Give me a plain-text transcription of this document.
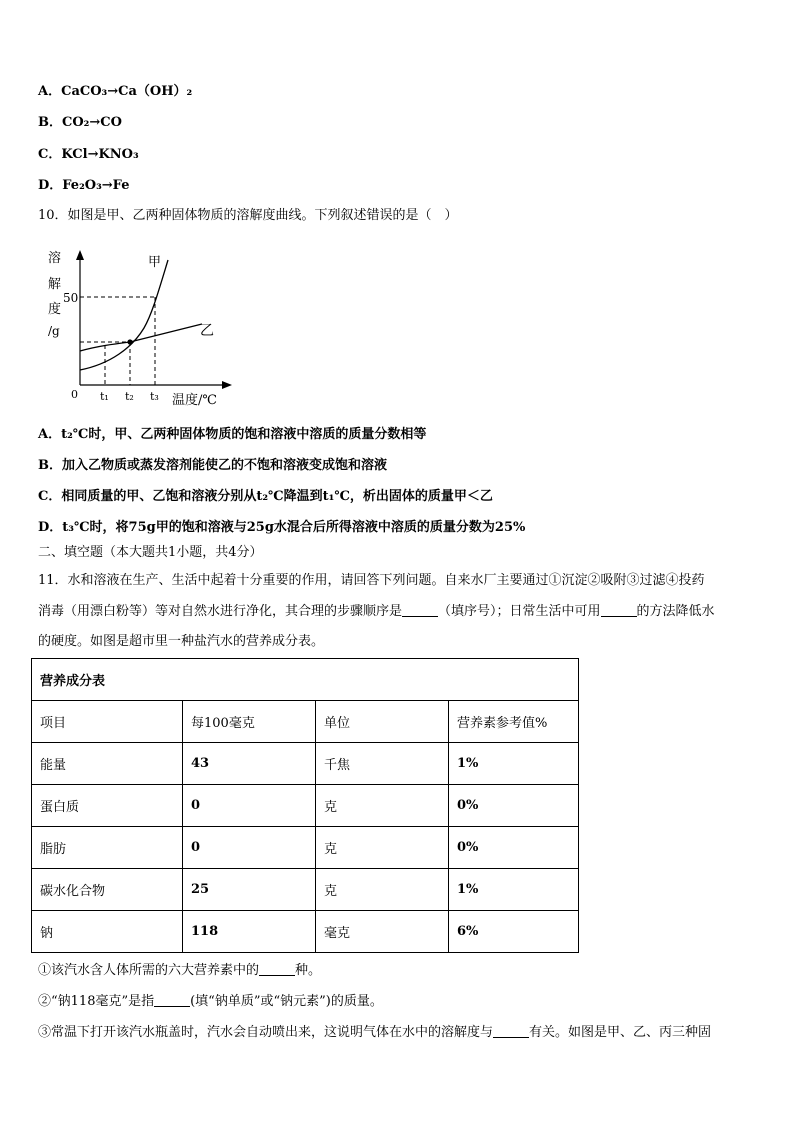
A．CaCO₃→Ca（OH）₂
B．CO₂→CO
C．KCl→KNO₃
D．Fe₂O₃→Fe
10．如图是甲、乙两种固体物质的溶解度曲线。下列叙述错误的是（　）
溶
解
度
/g
50
0 t₁ t₂ t₃ 温度/℃
甲
乙
A．t₂℃时，甲、乙两种固体物质的饱和溶液中溶质的质量分数相等
B．加入乙物质或蒸发溶剂能使乙的不饱和溶液变成饱和溶液
C．相同质量的甲、乙饱和溶液分别从t₂℃降温到t₁℃，析出固体的质量甲＜乙
D．t₃℃时，将75g甲的饱和溶液与25g水混合后所得溶液中溶质的质量分数为25%
二、填空题（本大题共1小题，共4分）
11．水和溶液在生产、生活中起着十分重要的作用，请回答下列问题。自来水厂主要通过①沉淀②吸附③过滤④投药
消毒（用漂白粉等）等对自然水进行净化，其合理的步骤顺序是	（填序号）；日常生活中可用	的方法降低水
的硬度。如图是超市里一种盐汽水的营养成分表。
营养成分表			
项目	每100毫克	单位	营养素参考值%
能量	43	千焦	1%
蛋白质	0	克	0%
脂肪	0	克	0%
碳水化合物	25	克	1%
钠	118	毫克	6%
①该汽水含人体所需的六大营养素中的	种。
②“钠118毫克”是指	(填“钠单质”或“钠元素”)的质量。
③常温下打开该汽水瓶盖时，汽水会自动喷出来，这说明气体在水中的溶解度与	有关。如图是甲、乙、丙三种固
